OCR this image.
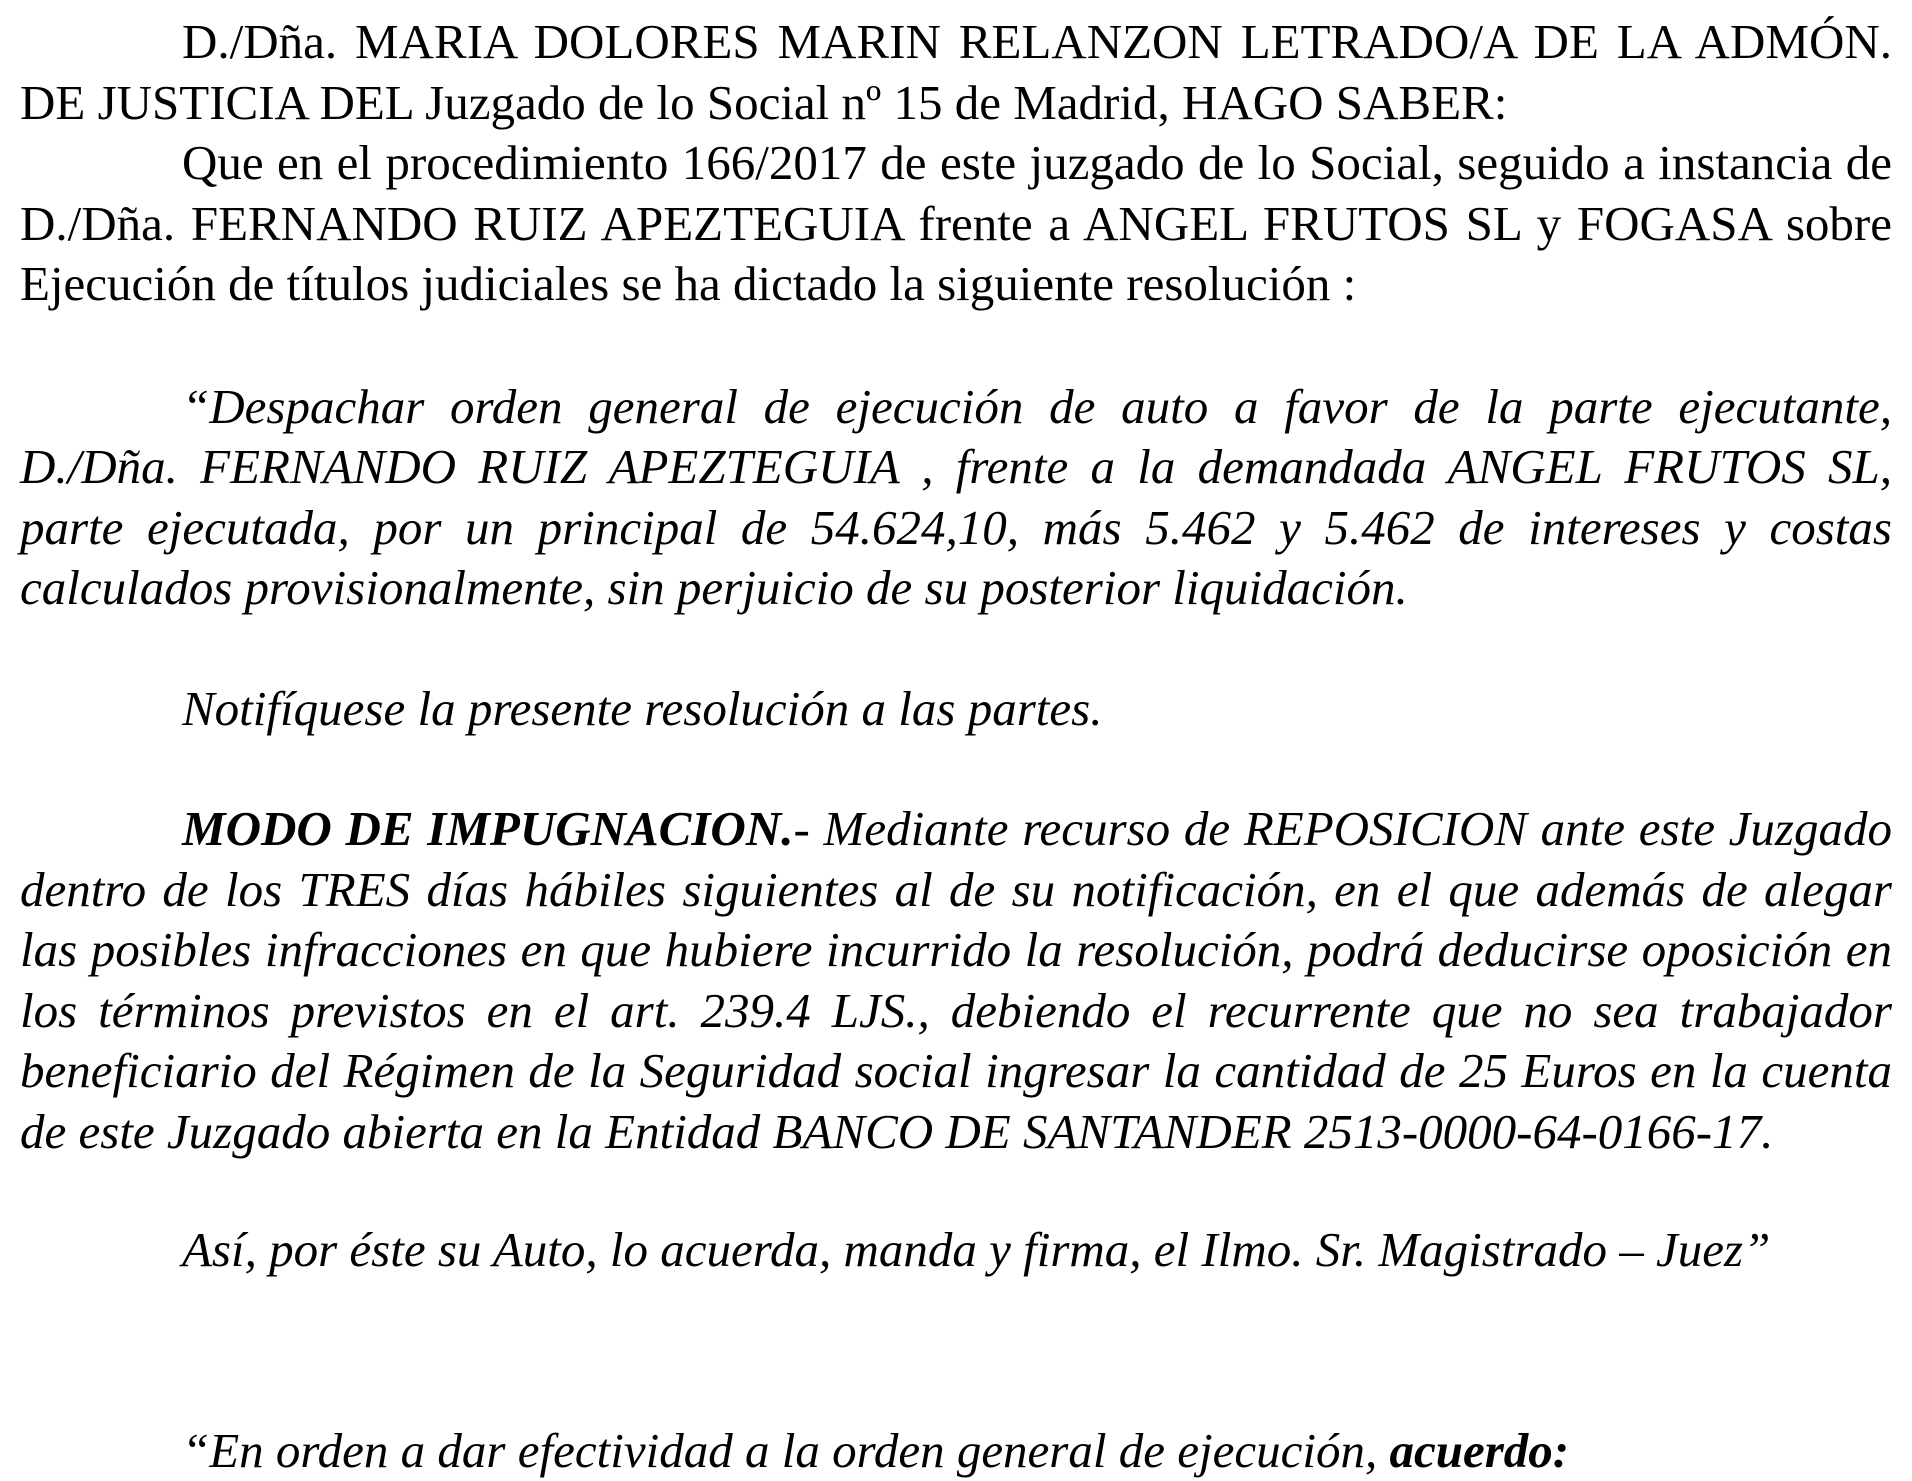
D./Dña. MARIA DOLORES MARIN RELANZON LETRADO/A DE LA ADMÓN. DE JUSTICIA DEL Juzgado de lo Social nº 15 de Madrid, HAGO SABER:

Que en el procedimiento 166/2017 de este juzgado de lo Social, seguido a instancia de D./Dña. FERNANDO RUIZ APEZTEGUIA frente a ANGEL FRUTOS SL y FOGASA sobre Ejecución de títulos judiciales se ha dictado la siguiente resolución :

“Despachar orden general de ejecución de auto a favor de la parte ejecutante, D./Dña. FERNANDO RUIZ APEZTEGUIA , frente a la demandada ANGEL FRUTOS SL, parte ejecutada, por un principal de 54.624,10, más 5.462 y 5.462 de intereses y costas calculados provisionalmente, sin perjuicio de su posterior liquidación.

Notifíquese la presente resolución a las partes.

MODO DE IMPUGNACION.- Mediante recurso de REPOSICION ante este Juzgado dentro de los TRES días hábiles siguientes al de su notificación, en el que además de alegar las posibles infracciones en que hubiere incurrido la resolución, podrá deducirse oposición en los términos previstos en el art. 239.4 LJS., debiendo el recurrente que no sea trabajador beneficiario del Régimen de la Seguridad social ingresar la cantidad de 25 Euros en la cuenta de este Juzgado abierta en la Entidad BANCO DE SANTANDER 2513-0000-64-0166-17.

Así, por éste su Auto, lo acuerda, manda y firma, el Ilmo. Sr. Magistrado – Juez”

“En orden a dar efectividad a la orden general de ejecución, acuerdo:
